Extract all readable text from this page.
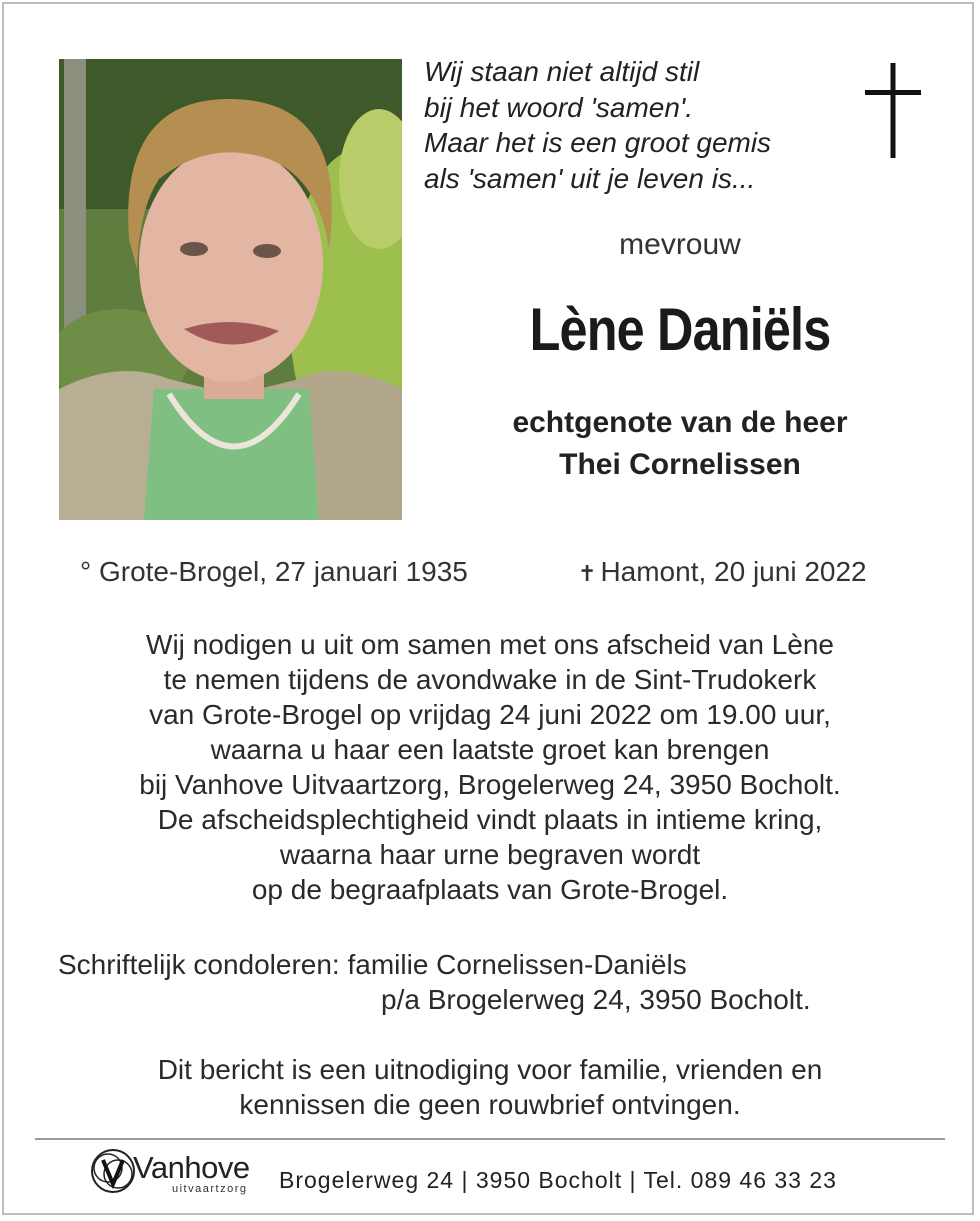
Wij staan niet altijd stil
bij het woord 'samen'.
Maar het is een groot gemis
als 'samen' uit je leven is...
mevrouw
Lène Daniëls
echtgenote van de heer
Thei Cornelissen
° Grote-Brogel, 27 januari 1935	✝ Hamont, 20 juni 2022
Wij nodigen u uit om samen met ons afscheid van Lène
te nemen tijdens de avondwake in de Sint-Trudokerk
van Grote-Brogel op vrijdag 24 juni 2022 om 19.00 uur,
waarna u haar een laatste groet kan brengen
bij Vanhove Uitvaartzorg, Brogelerweg 24, 3950 Bocholt.
De afscheidsplechtigheid vindt plaats in intieme kring,
waarna haar urne begraven wordt
op de begraafplaats van Grote-Brogel.
Schriftelijk condoleren: familie Cornelissen-Daniëls
p/a Brogelerweg 24, 3950 Bocholt.
Dit bericht is een uitnodiging voor familie, vrienden en
kennissen die geen rouwbrief ontvingen.
Vanhove
uitvaartzorg Brogelerweg 24 | 3950 Bocholt | Tel. 089 46 33 23
